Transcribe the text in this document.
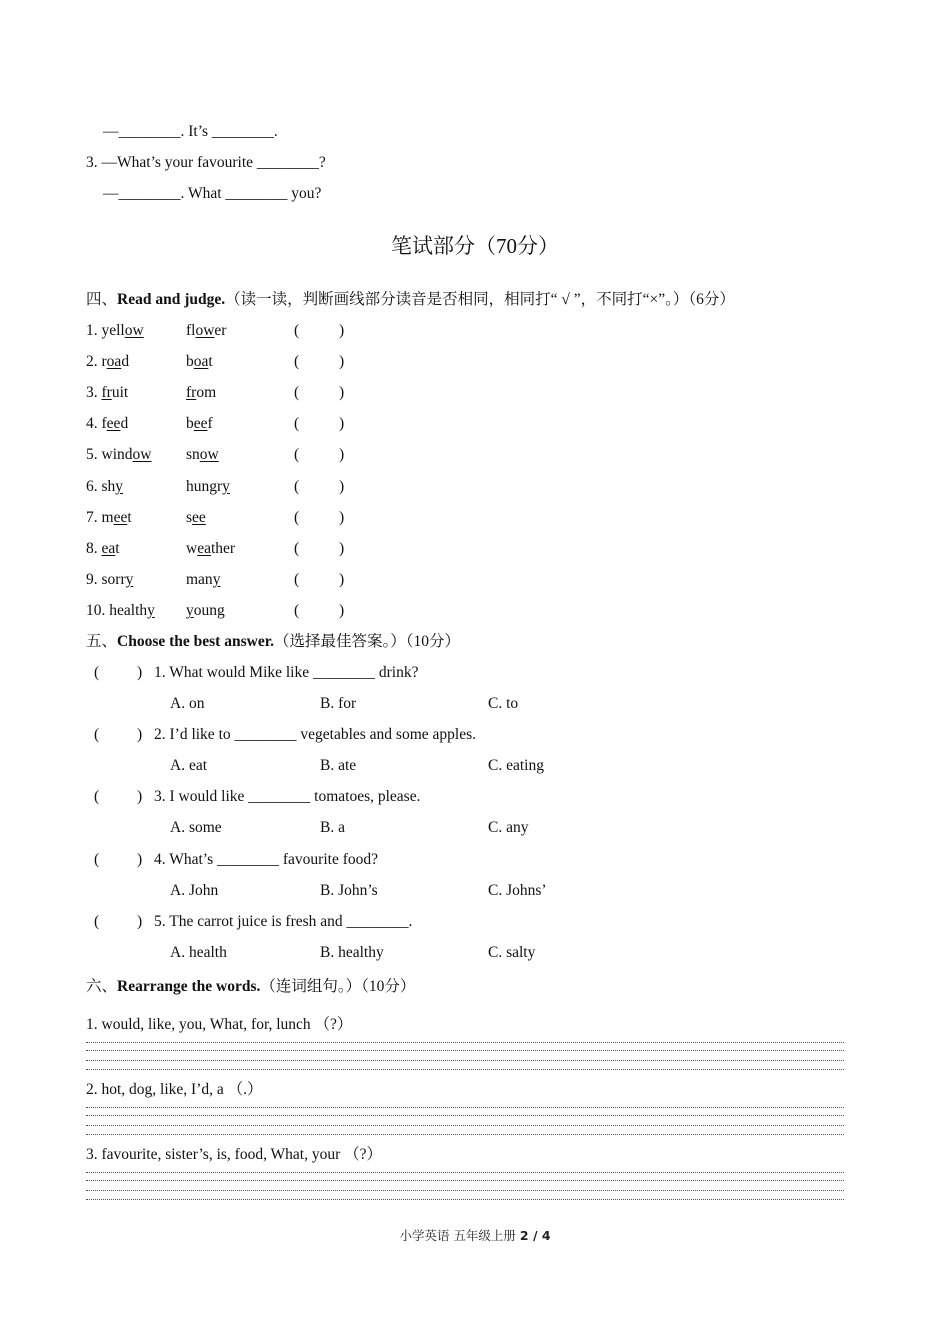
—________. It’s ________.
3. —What’s your favourite ________?
—________. What ________ you?
笔试部分（70分）
四、Read and judge.（读一读，判断画线部分读音是否相同，相同打“ √ ”，不同打“×”。）（6分）
1. yellow	flower	(	)
2. road	boat	(	)
3. fruit	from	(	)
4. feed	beef	(	)
5. window snow	(	)
6. shy	hungry	(	)
7. meet	see	(	)
8. eat	weather	(	)
9. sorry	many	(	)
10. healthy young	(	)
五、Choose the best answer.（选择最佳答案。）（10分）
( ) 1. What would Mike like ________ drink?
A. on	B. for	C. to
( ) 2. I’d like to ________ vegetables and some apples.
A. eat	B. ate	C. eating
( ) 3. I would like ________ tomatoes, please.
A. some	B. a	C. any
( ) 4. What’s ________ favourite food?
A. John	B. John’s	C. Johns’
( ) 5. The carrot juice is fresh and ________.
A. health	B. healthy	C. salty
六、Rearrange the words.（连词组句。）（10分）
1. would, like, you, What, for, lunch （?）
2. hot, dog, like, I’d, a （.）
3. favourite, sister’s, is, food, What, your （?）
小学英语 五年级上册 2 / 4
